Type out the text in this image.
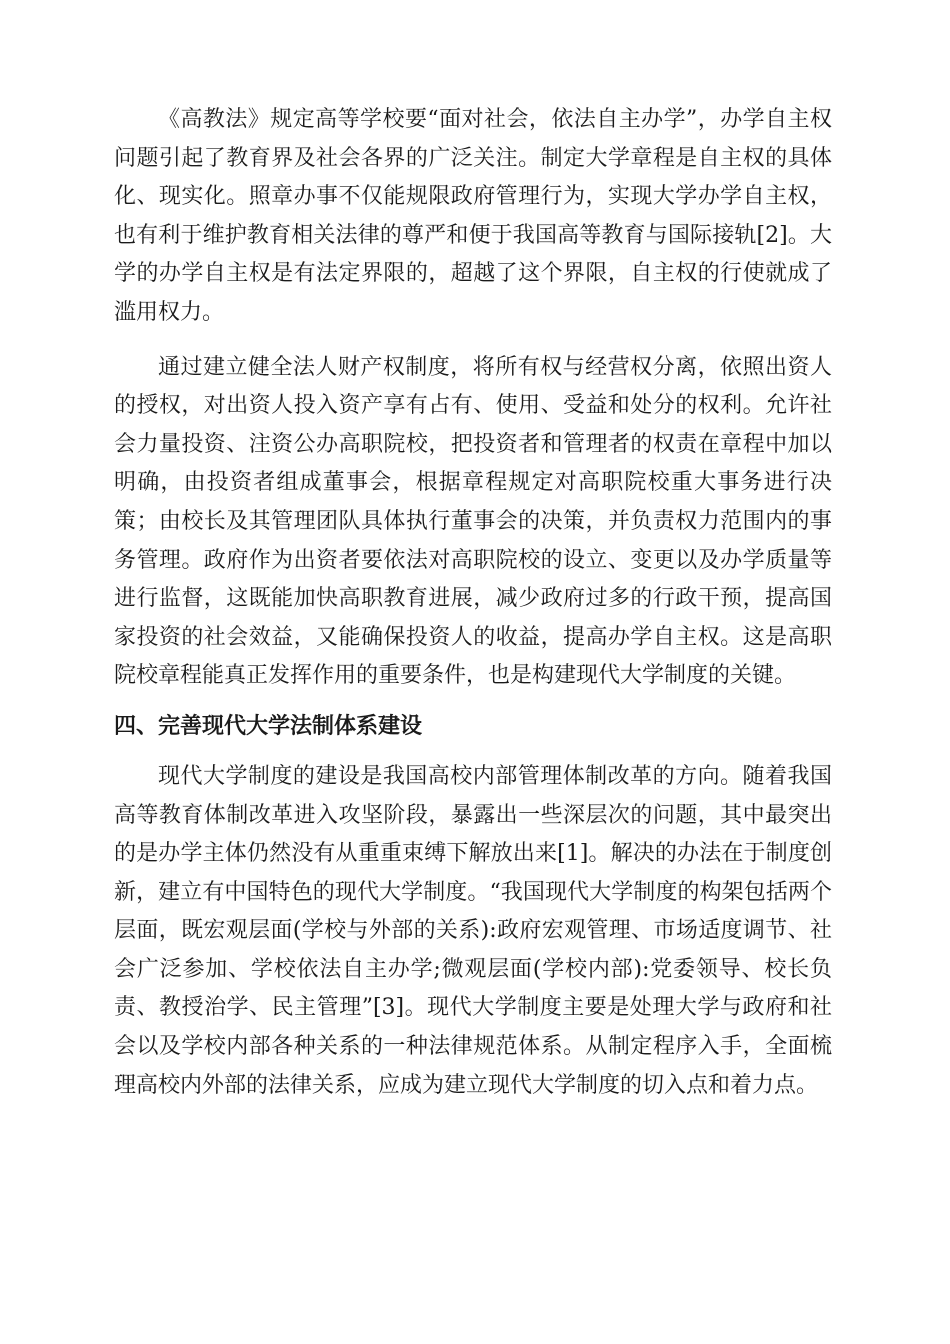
《高教法》规定高等学校要“面对社会，依法自主办学”，办学自主权问题引起了教育界及社会各界的广泛关注。制定大学章程是自主权的具体化、现实化。照章办事不仅能规限政府管理行为，实现大学办学自主权，也有利于维护教育相关法律的尊严和便于我国高等教育与国际接轨[2]。大学的办学自主权是有法定界限的，超越了这个界限，自主权的行使就成了滥用权力。

通过建立健全法人财产权制度，将所有权与经营权分离，依照出资人的授权，对出资人投入资产享有占有、使用、受益和处分的权利。允许社会力量投资、注资公办高职院校，把投资者和管理者的权责在章程中加以明确，由投资者组成董事会，根据章程规定对高职院校重大事务进行决策；由校长及其管理团队具体执行董事会的决策，并负责权力范围内的事务管理。政府作为出资者要依法对高职院校的设立、变更以及办学质量等进行监督，这既能加快高职教育进展，减少政府过多的行政干预，提高国家投资的社会效益，又能确保投资人的收益，提高办学自主权。这是高职院校章程能真正发挥作用的重要条件，也是构建现代大学制度的关键。

四、完善现代大学法制体系建设

现代大学制度的建设是我国高校内部管理体制改革的方向。随着我国高等教育体制改革进入攻坚阶段，暴露出一些深层次的问题，其中最突出的是办学主体仍然没有从重重束缚下解放出来[1]。解决的办法在于制度创新，建立有中国特色的现代大学制度。“我国现代大学制度的构架包括两个层面，既宏观层面(学校与外部的关系):政府宏观管理、市场适度调节、社会广泛参加、学校依法自主办学;微观层面(学校内部):党委领导、校长负责、教授治学、民主管理”[3]。现代大学制度主要是处理大学与政府和社会以及学校内部各种关系的一种法律规范体系。从制定程序入手，全面梳理高校内外部的法律关系，应成为建立现代大学制度的切入点和着力点。
